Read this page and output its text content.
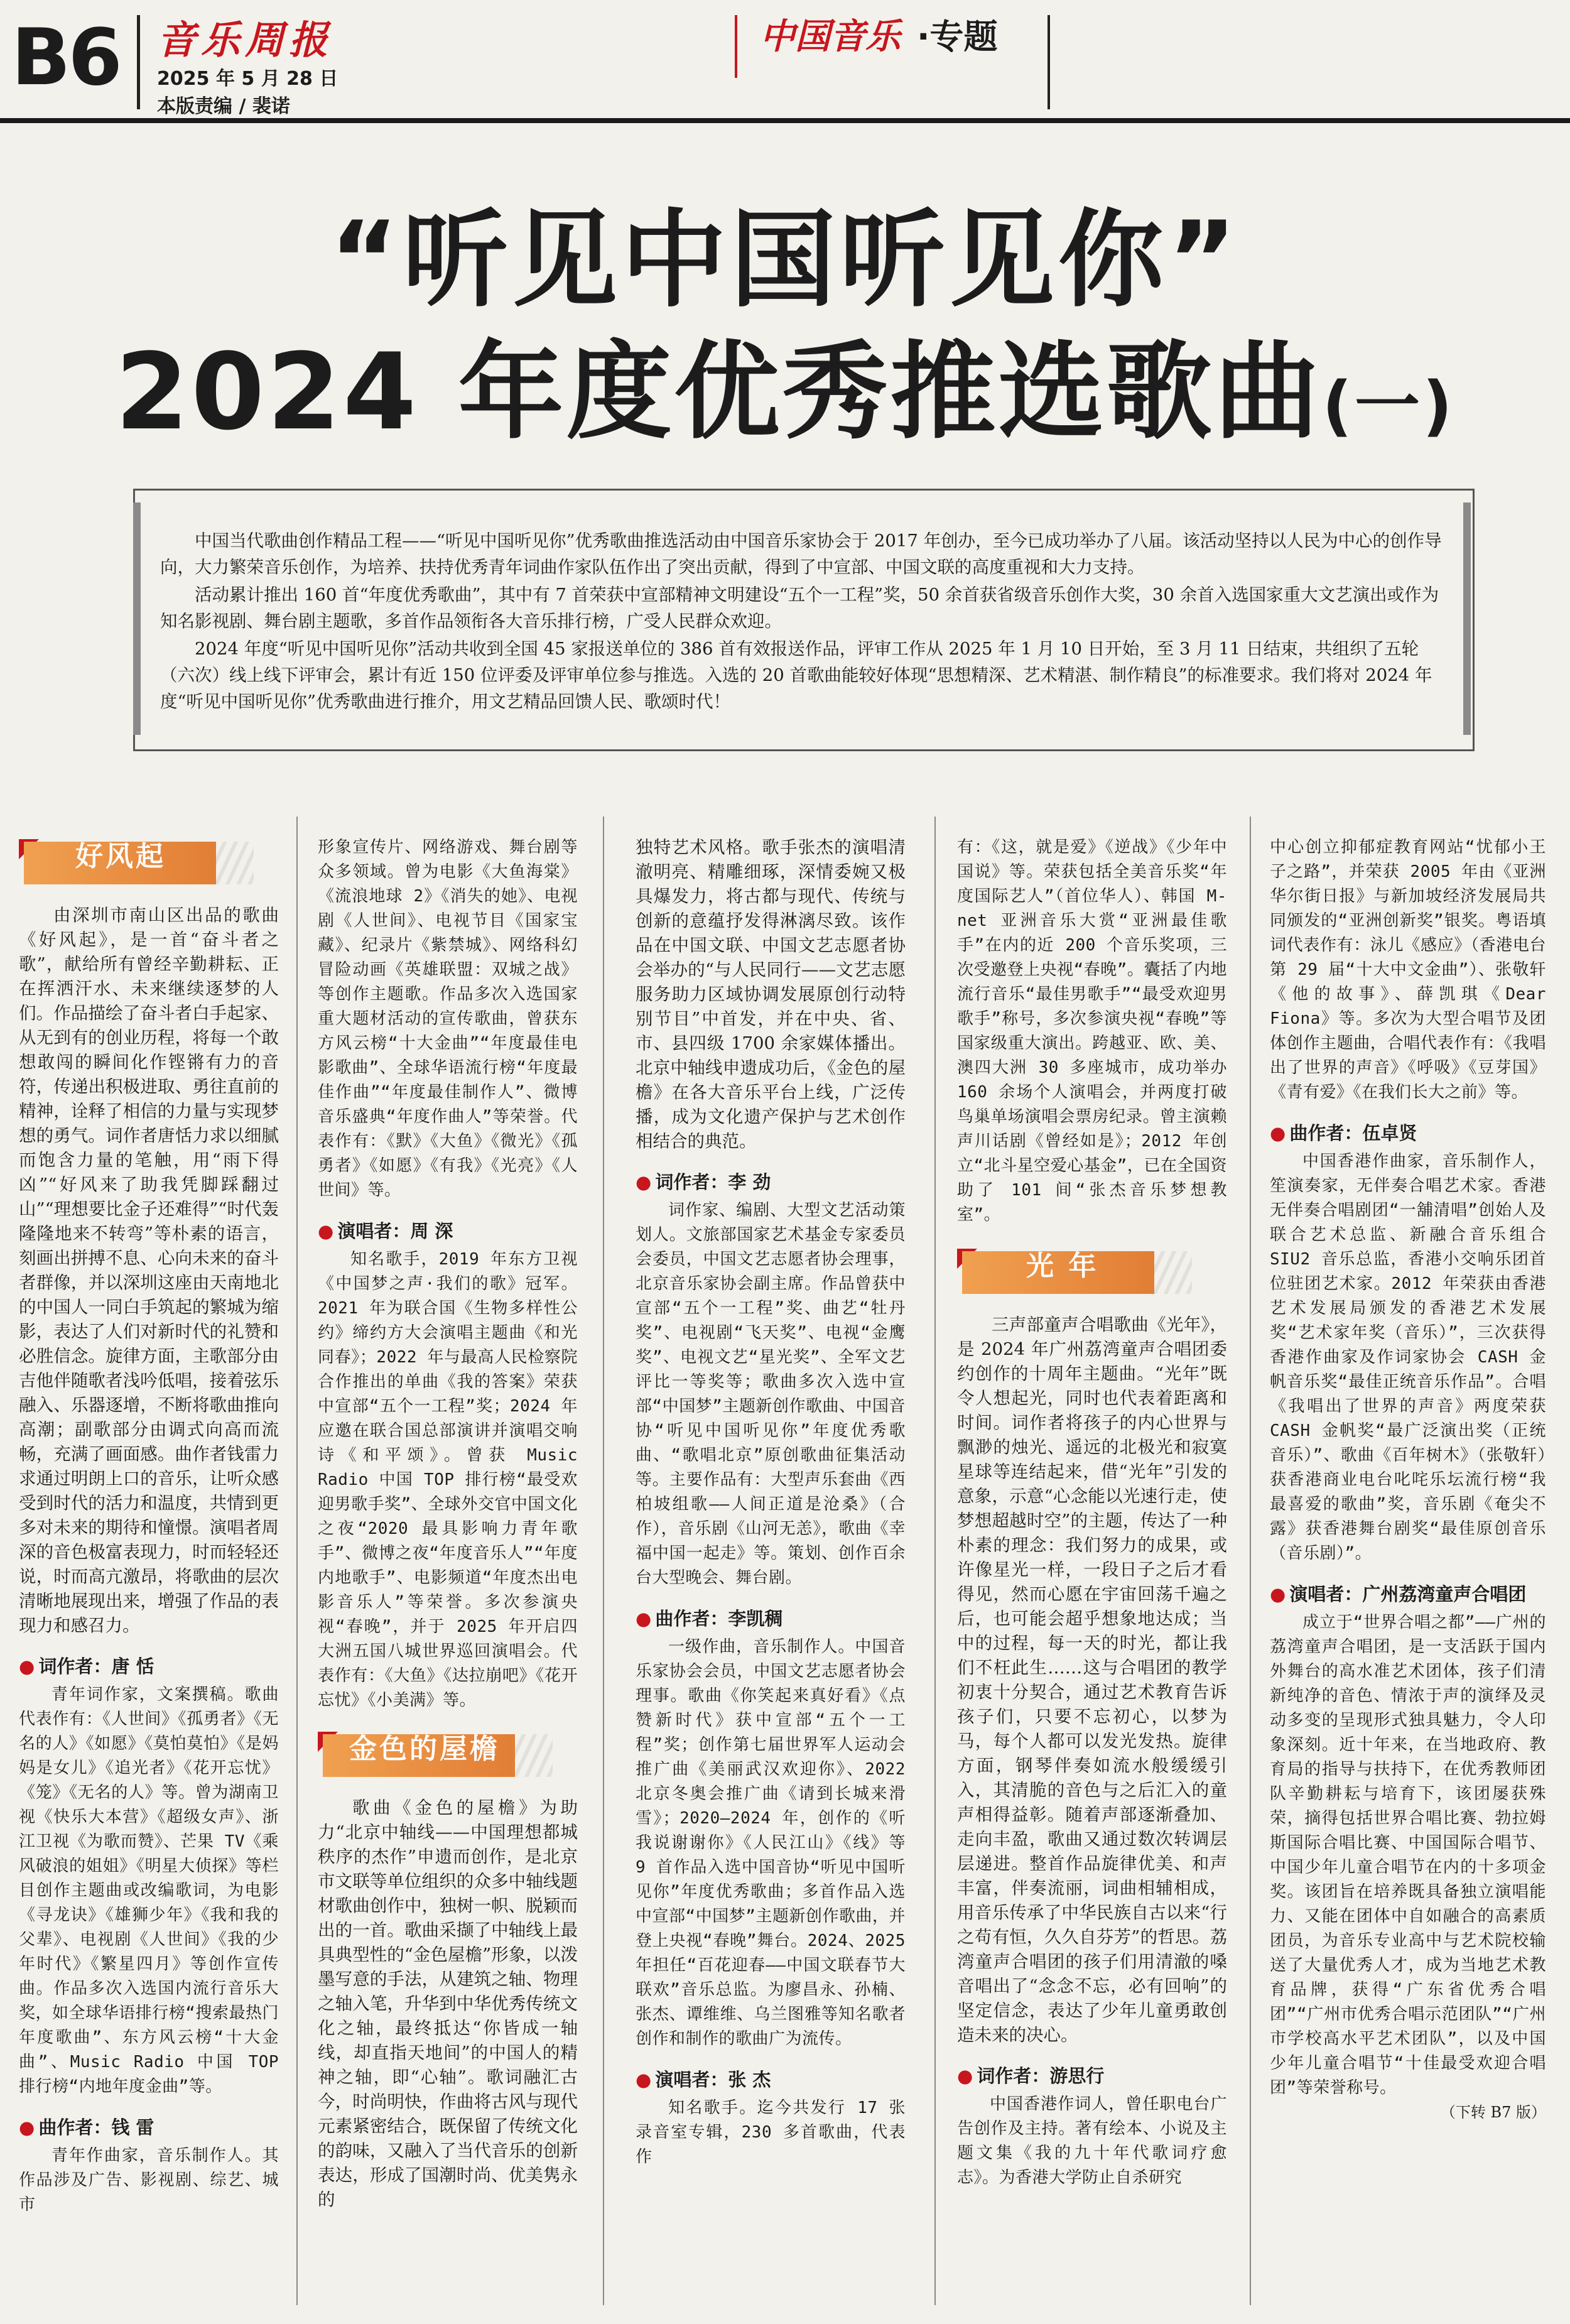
B6 音乐周报
2025 年 5 月 28 日
本版责编 / 裴诺
中国音乐 ·专题
“听见中国听见你”
2024 年度优秀推选歌曲(一)

中国当代歌曲创作精品工程——“听见中国听见你”优秀歌曲推选活动由中国音乐家协会于 2017 年创办，至今已成功举办了八届。该活动坚持以人民为中心的创作导向，大力繁荣音乐创作，为培养、扶持优秀青年词曲作家队伍作出了突出贡献，得到了中宣部、中国文联的高度重视和大力支持。

活动累计推出 160 首“年度优秀歌曲”，其中有 7 首荣获中宣部精神文明建设“五个一工程”奖，50 余首获省级音乐创作大奖，30 余首入选国家重大文艺演出或作为知名影视剧、舞台剧主题歌，多首作品领衔各大音乐排行榜，广受人民群众欢迎。

2024 年度“听见中国听见你”活动共收到全国 45 家报送单位的 386 首有效报送作品，评审工作从 2025 年 1 月 10 日开始，至 3 月 11 日结束，共组织了五轮（六次）线上线下评审会，累计有近 150 位评委及评审单位参与推选。入选的 20 首歌曲能较好体现“思想精深、艺术精湛、制作精良”的标准要求。我们将对 2024 年度“听见中国听见你”优秀歌曲进行推介，用文艺精品回馈人民、歌颂时代！

好风起

由深圳市南山区出品的歌曲《好风起》，是一首“奋斗者之歌”，献给所有曾经辛勤耕耘、正在挥洒汗水、未来继续逐梦的人们。作品描绘了奋斗者白手起家、从无到有的创业历程，将每一个敢想敢闯的瞬间化作铿锵有力的音符，传递出积极进取、勇往直前的精神，诠释了相信的力量与实现梦想的勇气。词作者唐恬力求以细腻而饱含力量的笔触，用“雨下得凶”“好风来了助我凭脚踩翻过山”“理想要比金子还难得”“时代轰隆隆地来不转弯”等朴素的语言，刻画出拼搏不息、心向未来的奋斗者群像，并以深圳这座由天南地北的中国人一同白手筑起的繁城为缩影，表达了人们对新时代的礼赞和必胜信念。旋律方面，主歌部分由吉他伴随歌者浅吟低唱，接着弦乐融入、乐器逐增，不断将歌曲推向高潮；副歌部分由调式向高而流畅，充满了画面感。曲作者钱雷力求通过明朗上口的音乐，让听众感受到时代的活力和温度，共情到更多对未来的期待和憧憬。演唱者周深的音色极富表现力，时而轻轻还说，时而高亢激昂，将歌曲的层次清晰地展现出来，增强了作品的表现力和感召力。

● 词作者：唐 恬

青年词作家，文案撰稿。歌曲代表作有：《人世间》《孤勇者》《无名的人》《如愿》《莫怕莫怕》《是妈妈是女儿》《追光者》《花开忘忧》《笼》《无名的人》等。曾为湖南卫视《快乐大本营》《超级女声》、浙江卫视《为歌而赞》、芒果 TV《乘风破浪的姐姐》《明星大侦探》等栏目创作主题曲或改编歌词，为电影《寻龙诀》《雄狮少年》《我和我的父辈》、电视剧《人世间》《我的少年时代》《繁星四月》等创作宣传曲。作品多次入选国内流行音乐大奖，如全球华语排行榜“搜索最热门年度歌曲”、东方风云榜“十大金曲”、Music Radio 中国 TOP 排行榜“内地年度金曲”等。

● 曲作者：钱 雷

青年作曲家，音乐制作人。其作品涉及广告、影视剧、综艺、城市

形象宣传片、网络游戏、舞台剧等众多领域。曾为电影《大鱼海棠》《流浪地球 2》《消失的她》、电视剧《人世间》、电视节目《国家宝藏》、纪录片《紫禁城》、网络科幻冒险动画《英雄联盟：双城之战》等创作主题歌。作品多次入选国家重大题材活动的宣传歌曲，曾获东方风云榜“十大金曲”“年度最佳电影歌曲”、全球华语流行榜“年度最佳作曲”“年度最佳制作人”、微博音乐盛典“年度作曲人”等荣誉。代表作有：《默》《大鱼》《微光》《孤勇者》《如愿》《有我》《光亮》《人世间》等。

● 演唱者：周 深

知名歌手，2019 年东方卫视《中国梦之声·我们的歌》冠军。2021 年为联合国《生物多样性公约》缔约方大会演唱主题曲《和光同春》；2022 年与最高人民检察院合作推出的单曲《我的答案》荣获中宣部“五个一工程”奖；2024 年应邀在联合国总部演讲并演唱交响诗《和平颂》。曾获 Music Radio 中国 TOP 排行榜“最受欢迎男歌手奖”、全球外交官中国文化之夜“2020 最具影响力青年歌手”、微博之夜“年度音乐人”“年度内地歌手”、电影频道“年度杰出电影音乐人”等荣誉。多次参演央视“春晚”，并于 2025 年开启四大洲五国八城世界巡回演唱会。代表作有：《大鱼》《达拉崩吧》《花开忘忧》《小美满》等。

金色的屋檐

歌曲《金色的屋檐》为助力“北京中轴线——中国理想都城秩序的杰作”申遗而创作，是北京市文联等单位组织的众多中轴线题材歌曲创作中，独树一帜、脱颖而出的一首。歌曲采撷了中轴线上最具典型性的“金色屋檐”形象，以泼墨写意的手法，从建筑之轴、物理之轴入笔，升华到中华优秀传统文化之轴，最终抵达“你皆成一轴线，却直指天地间”的中国人的精神之轴，即“心轴”。歌词融汇古今，时尚明快，作曲将古风与现代元素紧密结合，既保留了传统文化的韵味，又融入了当代音乐的创新表达，形成了国潮时尚、优美隽永的

独特艺术风格。歌手张杰的演唱清澈明亮、精雕细琢，深情委婉又极具爆发力，将古都与现代、传统与创新的意蕴抒发得淋漓尽致。该作品在中国文联、中国文艺志愿者协会举办的“与人民同行——文艺志愿服务助力区域协调发展原创行动特别节目”中首发，并在中央、省、市、县四级 1700 余家媒体播出。北京中轴线申遗成功后，《金色的屋檐》在各大音乐平台上线，广泛传播，成为文化遗产保护与艺术创作相结合的典范。

● 词作者：李 劲

词作家、编剧、大型文艺活动策划人。文旅部国家艺术基金专家委员会委员，中国文艺志愿者协会理事，北京音乐家协会副主席。作品曾获中宣部“五个一工程”奖、曲艺“牡丹奖”、电视剧“飞天奖”、电视“金鹰奖”、电视文艺“星光奖”、全军文艺评比一等奖等；歌曲多次入选中宣部“中国梦”主题新创作歌曲、中国音协“听见中国听见你”年度优秀歌曲、“歌唱北京”原创歌曲征集活动等。主要作品有：大型声乐套曲《西柏坡组歌——人间正道是沧桑》（合作），音乐剧《山河无恙》，歌曲《幸福中国一起走》等。策划、创作百余台大型晚会、舞台剧。

● 曲作者：李凯稠

一级作曲，音乐制作人。中国音乐家协会会员，中国文艺志愿者协会理事。歌曲《你笑起来真好看》《点赞新时代》获中宣部“五个一工程”奖；创作第七届世界军人运动会推广曲《美丽武汉欢迎你》、2022 北京冬奥会推广曲《请到长城来滑雪》；2020–2024 年，创作的《听我说谢谢你》《人民江山》《线》等 9 首作品入选中国音协“听见中国听见你”年度优秀歌曲；多首作品入选中宣部“中国梦”主题新创作歌曲，并登上央视“春晚”舞台。2024、2025 年担任“百花迎春——中国文联春节大联欢”音乐总监。为廖昌永、孙楠、张杰、谭维维、乌兰图雅等知名歌者创作和制作的歌曲广为流传。

● 演唱者：张 杰

知名歌手。迄今共发行 17 张录音室专辑，230 多首歌曲，代表作

有：《这，就是爱》《逆战》《少年中国说》等。荣获包括全美音乐奖“年度国际艺人”（首位华人）、韩国 M-net 亚洲音乐大赏“亚洲最佳歌手”在内的近 200 个音乐奖项，三次受邀登上央视“春晚”。囊括了内地流行音乐“最佳男歌手”“最受欢迎男歌手”称号，多次参演央视“春晚”等国家级重大演出。跨越亚、欧、美、澳四大洲 30 多座城市，成功举办 160 余场个人演唱会，并两度打破鸟巢单场演唱会票房纪录。曾主演赖声川话剧《曾经如是》；2012 年创立“北斗星空爱心基金”，已在全国资助了 101 间“张杰音乐梦想教室”。

光 年

三声部童声合唱歌曲《光年》，是 2024 年广州荔湾童声合唱团委约创作的十周年主题曲。“光年”既令人想起光，同时也代表着距离和时间。词作者将孩子的内心世界与飘渺的烛光、遥远的北极光和寂寞星球等连结起来，借“光年”引发的意象，示意“心念能以光速行走，使梦想超越时空”的主题，传达了一种朴素的理念：我们努力的成果，或许像星光一样，一段日子之后才看得见，然而心愿在宇宙回荡千遍之后，也可能会超乎想象地达成；当中的过程，每一天的时光，都让我们不枉此生……这与合唱团的教学初衷十分契合，通过艺术教育告诉孩子们，只要不忘初心，以梦为马，每个人都可以发光发热。旋律方面，钢琴伴奏如流水般缓缓引入，其清脆的音色与之后汇入的童声相得益彰。随着声部逐渐叠加、走向丰盈，歌曲又通过数次转调层层递进。整首作品旋律优美、和声丰富，伴奏流丽，词曲相辅相成，用音乐传承了中华民族自古以来“行之苟有恒，久久自芬芳”的哲思。荔湾童声合唱团的孩子们用清澈的嗓音唱出了“念念不忘，必有回响”的坚定信念，表达了少年儿童勇敢创造未来的决心。

● 词作者：游思行

中国香港作词人，曾任职电台广告创作及主持。著有绘本、小说及主题文集《我的九十年代歌词疗愈志》。为香港大学防止自杀研究

中心创立抑郁症教育网站“忧郁小王子之路”，并荣获 2005 年由《亚洲华尔街日报》与新加坡经济发展局共同颁发的“亚洲创新奖”银奖。粤语填词代表作有：泳儿《感应》（香港电台第 29 届“十大中文金曲”）、张敬轩《他的故事》、薛凯琪《Dear Fiona》等。多次为大型合唱节及团体创作主题曲，合唱代表作有：《我唱出了世界的声音》《呼吸》《豆芽国》《青有爱》《在我们长大之前》等。

● 曲作者：伍卓贤

中国香港作曲家，音乐制作人，笙演奏家，无伴奏合唱艺术家。香港无伴奏合唱剧团“一舖清唱”创始人及联合艺术总监、新融合音乐组合 SIU2 音乐总监，香港小交响乐团首位驻团艺术家。2012 年荣获由香港艺术发展局颁发的香港艺术发展奖“艺术家年奖（音乐）”，三次获得香港作曲家及作词家协会 CASH 金帆音乐奖“最佳正统音乐作品”。合唱《我唱出了世界的声音》两度荣获 CASH 金帆奖“最广泛演出奖（正统音乐）”、歌曲《百年树木》（张敬轩）获香港商业电台叱咤乐坛流行榜“我最喜爱的歌曲”奖，音乐剧《奄尖不露》获香港舞台剧奖“最佳原创音乐（音乐剧）”。

● 演唱者：广州荔湾童声合唱团

成立于“世界合唱之都”——广州的荔湾童声合唱团，是一支活跃于国内外舞台的高水准艺术团体，孩子们清新纯净的音色、情浓于声的演绎及灵动多变的呈现形式独具魅力，令人印象深刻。近十年来，在当地政府、教育局的指导与扶持下，在优秀教师团队辛勤耕耘与培育下，该团屡获殊荣，摘得包括世界合唱比赛、勃拉姆斯国际合唱比赛、中国国际合唱节、中国少年儿童合唱节在内的十多项金奖。该团旨在培养既具备独立演唱能力、又能在团体中自如融合的高素质团员，为音乐专业高中与艺术院校输送了大量优秀人才，成为当地艺术教育品牌，获得“广东省优秀合唱团”“广州市优秀合唱示范团队”“广州市学校高水平艺术团队”，以及中国少年儿童合唱节“十佳最受欢迎合唱团”等荣誉称号。

（下转 B7 版）
